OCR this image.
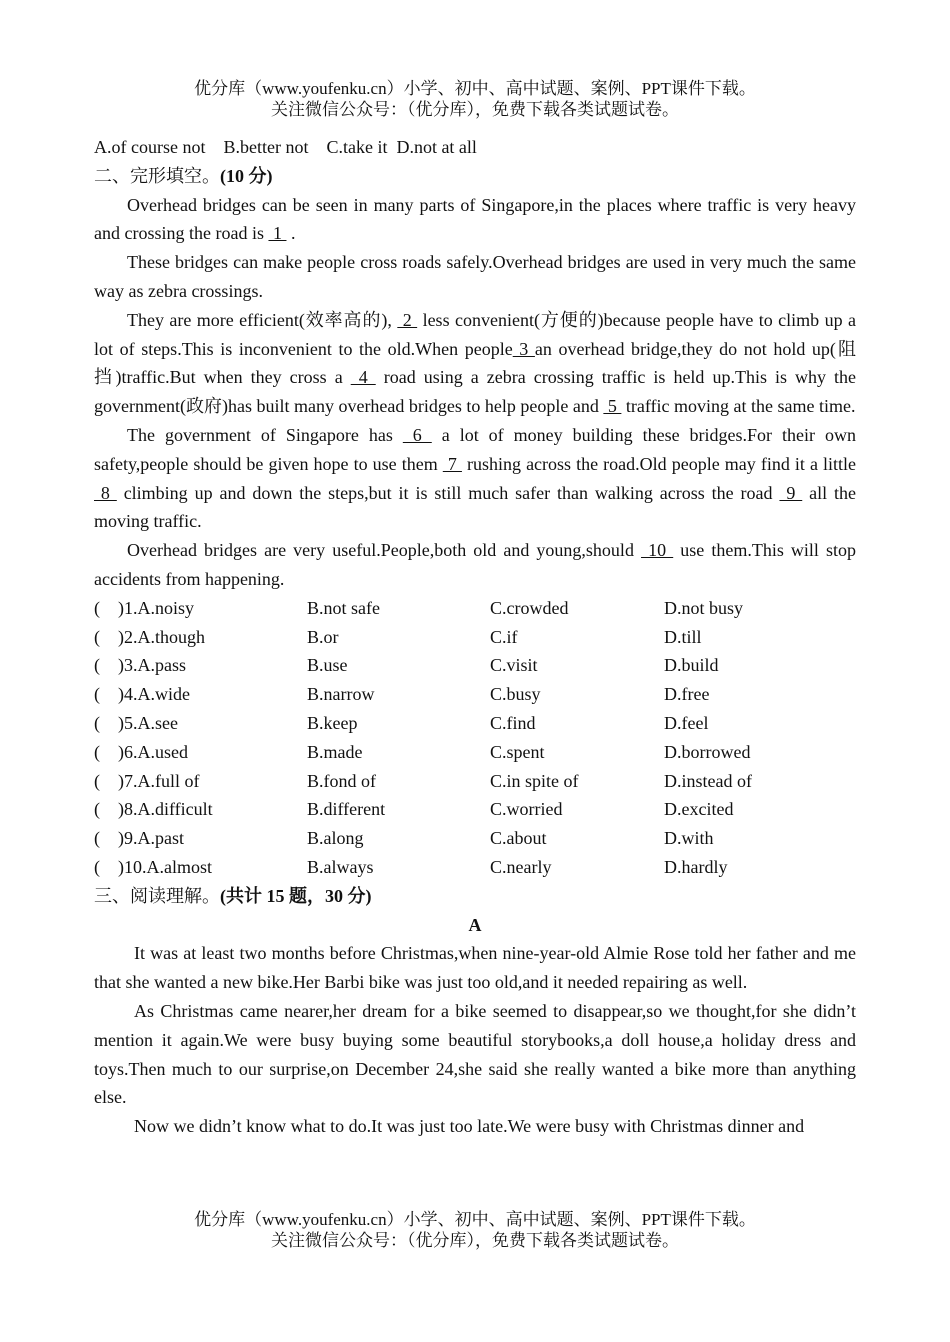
优分库（www.youfenku.cn）小学、初中、高中试题、案例、PPT课件下载。
关注微信公众号：（优分库），免费下载各类试题试卷。
A.of course not    B.better not    C.take it  D.not at all
二、完形填空。(10 分)
Overhead bridges can be seen in many parts of Singapore,in the places where traffic is very heavy and crossing the road is  1  .
These bridges can make people cross roads safely.Overhead bridges are used in very much the same way as zebra crossings.
They are more efficient(效率高的),  2  less convenient(方便的)because people have to climb up a lot of steps.This is inconvenient to the old.When people 3 an overhead bridge,they do not hold up(阻挡)traffic.But when they cross a  4  road using a zebra crossing traffic is held up.This is why the government(政府)has built many overhead bridges to help people and  5  traffic moving at the same time.
The government of Singapore has  6  a lot of money building these bridges.For their own safety,people should be given hope to use them  7  rushing across the road.Old people may find it a little  8  climbing up and down the steps,but it is still much safer than walking across the road  9  all the moving traffic.
Overhead bridges are very useful.People,both old and young,should  10  use them.This will stop accidents from happening.
(    )1.A.noisy	B.not safe	C.crowded	D.not busy
(    )2.A.though	B.or	C.if	D.till
(    )3.A.pass	B.use	C.visit	D.build
(    )4.A.wide	B.narrow	C.busy	D.free
(    )5.A.see	B.keep	C.find	D.feel
(    )6.A.used	B.made	C.spent	D.borrowed
(    )7.A.full of	B.fond of	C.in spite of	D.instead of
(    )8.A.difficult	B.different	C.worried	D.excited
(    )9.A.past	B.along	C.about	D.with
(    )10.A.almost	B.always	C.nearly	D.hardly
三、阅读理解。(共计 15 题，30 分)
A
It was at least two months before Christmas,when nine-year-old Almie Rose told her father and me that she wanted a new bike.Her Barbi bike was just too old,and it needed repairing as well.
As Christmas came nearer,her dream for a bike seemed to disappear,so we thought,for she didn’t mention it again.We were busy buying some beautiful storybooks,a doll house,a holiday dress and toys.Then much to our surprise,on December 24,she said she really wanted a bike more than anything else.
Now we didn’t know what to do.It was just too late.We were busy with Christmas dinner and
优分库（www.youfenku.cn）小学、初中、高中试题、案例、PPT课件下载。
关注微信公众号：（优分库），免费下载各类试题试卷。
